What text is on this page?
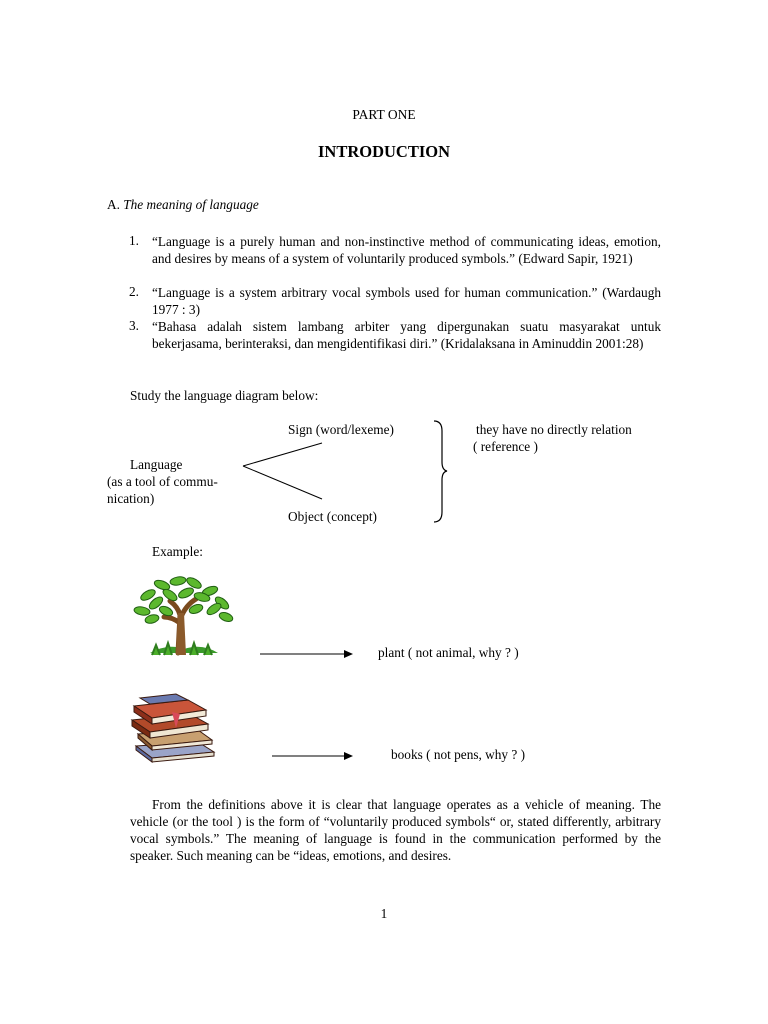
PART ONE
INTRODUCTION
A. The meaning of language
1. “Language is a purely human and non-instinctive method of communicating ideas, emotion, and desires by means of a system of voluntarily produced symbols.” (Edward Sapir, 1921)
2. “Language is a system arbitrary vocal symbols used for human communication.” (Wardaugh 1977 : 3)
3. “Bahasa adalah sistem lambang arbiter yang dipergunakan suatu masyarakat untuk bekerjasama, berinteraksi, dan mengidentifikasi diri.” (Kridalaksana in Aminuddin 2001:28)
Study the language diagram below:
Sign (word/lexeme)	they have no directly relation
( reference )
Language
(as a tool of commu-
nication)
Object (concept)
Example:
plant ( not animal, why ? )
books ( not pens, why ? )
From the definitions above it is clear that language operates as a vehicle of meaning. The vehicle (or the tool ) is the form of “voluntarily produced symbols“ or, stated differently, arbitrary vocal symbols.” The meaning of language is found in the communication performed by the speaker. Such meaning can be “ideas, emotions, and desires.
1
